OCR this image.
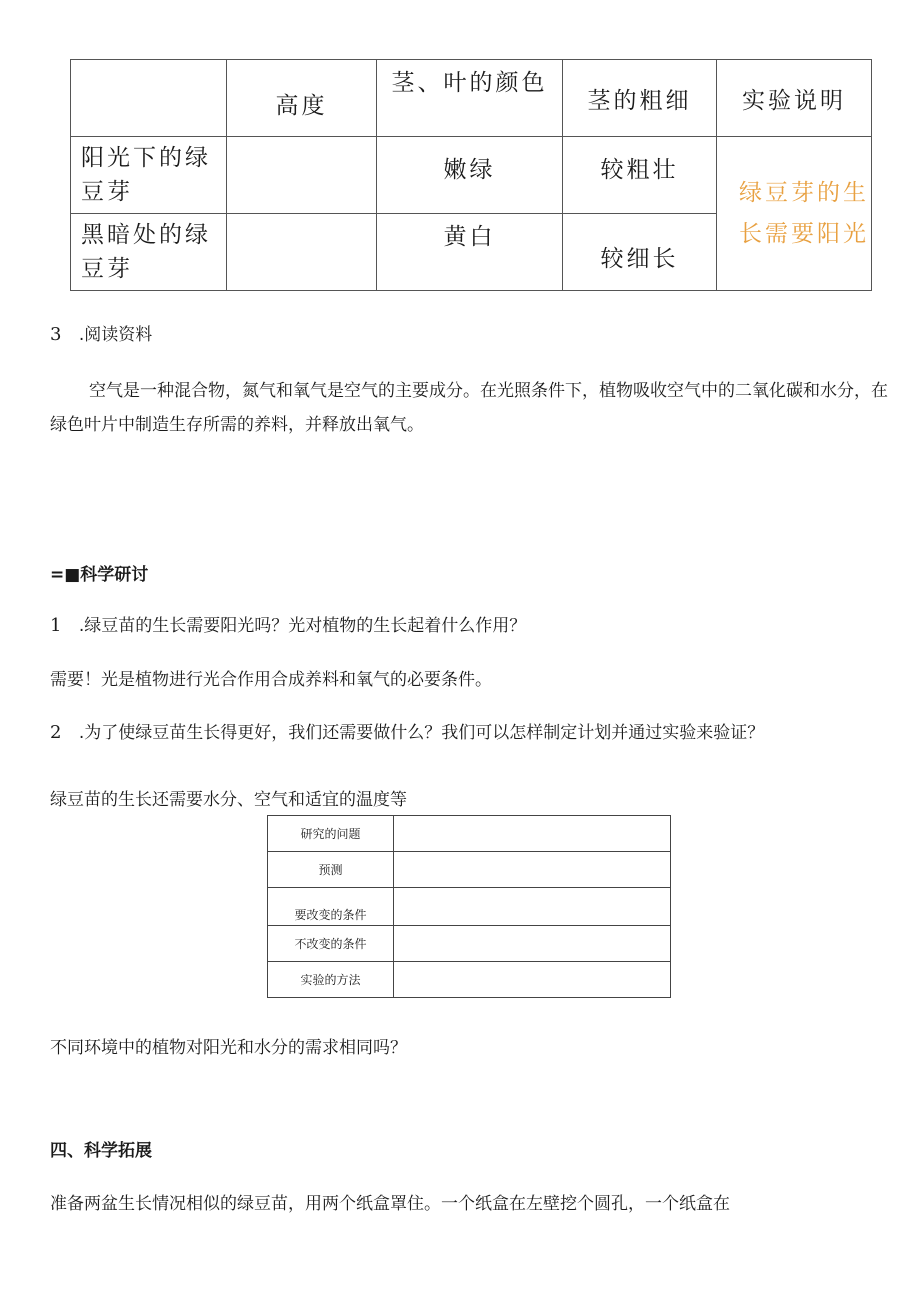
	高度	茎、叶的颜色	茎的粗细	实验说明
阳光下的绿豆芽		嫩绿	较粗壮	绿豆芽的生长需要阳光
黑暗处的绿豆芽		黄白	较细长	
3 .阅读资料
空气是一种混合物，氮气和氧气是空气的主要成分。在光照条件下，植物吸收空气中的二氧化碳和水分，在绿色叶片中制造生存所需的养料，并释放出氧气。
=■科学研讨
1 .绿豆苗的生长需要阳光吗？光对植物的生长起着什么作用？
需要！光是植物进行光合作用合成养料和氧气的必要条件。
2 .为了使绿豆苗生长得更好，我们还需要做什么？我们可以怎样制定计划并通过实验来验证？
绿豆苗的生长还需要水分、空气和适宜的温度等
研究的问题	
预测	
要改变的条件	
不改变的条件	
实验的方法	
不同环境中的植物对阳光和水分的需求相同吗？
四、科学拓展
准备两盆生长情况相似的绿豆苗，用两个纸盒罩住。一个纸盒在左壁挖个圆孔，一个纸盒在
